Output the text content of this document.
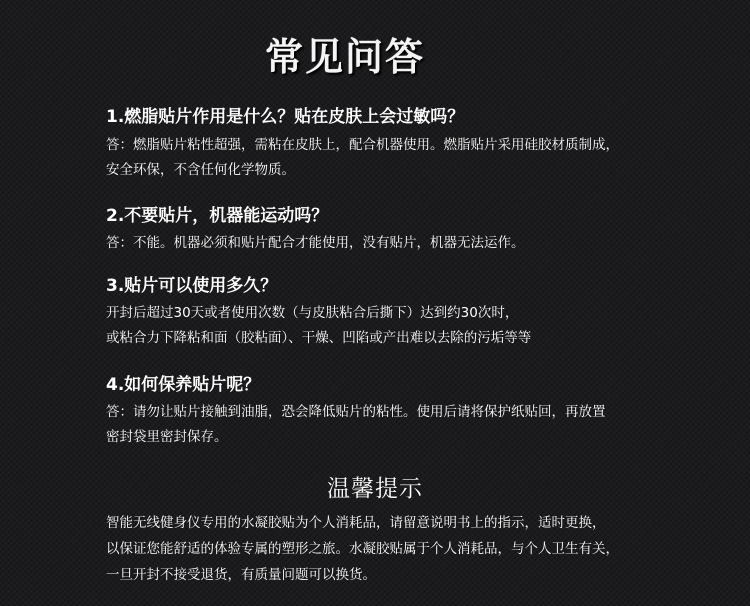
常见问答
1.燃脂贴片作用是什么？贴在皮肤上会过敏吗？
答：燃脂贴片粘性超强，需粘在皮肤上，配合机器使用。燃脂贴片采用硅胶材质制成，
安全环保，不含任何化学物质。
2.不要贴片，机器能运动吗？
答：不能。机器必须和贴片配合才能使用，没有贴片，机器无法运作。
3.贴片可以使用多久？
开封后超过30天或者使用次数（与皮肤粘合后撕下）达到约30次时，
或粘合力下降粘和面（胶粘面）、干燥、凹陷或产出难以去除的污垢等等
4.如何保养贴片呢？
答：请勿让贴片接触到油脂，恐会降低贴片的粘性。使用后请将保护纸贴回，再放置
密封袋里密封保存。
温馨提示
智能无线健身仪专用的水凝胶贴为个人消耗品，请留意说明书上的指示，适时更换，
以保证您能舒适的体验专属的塑形之旅。水凝胶贴属于个人消耗品，与个人卫生有关，
一旦开封不接受退货，有质量问题可以换货。
